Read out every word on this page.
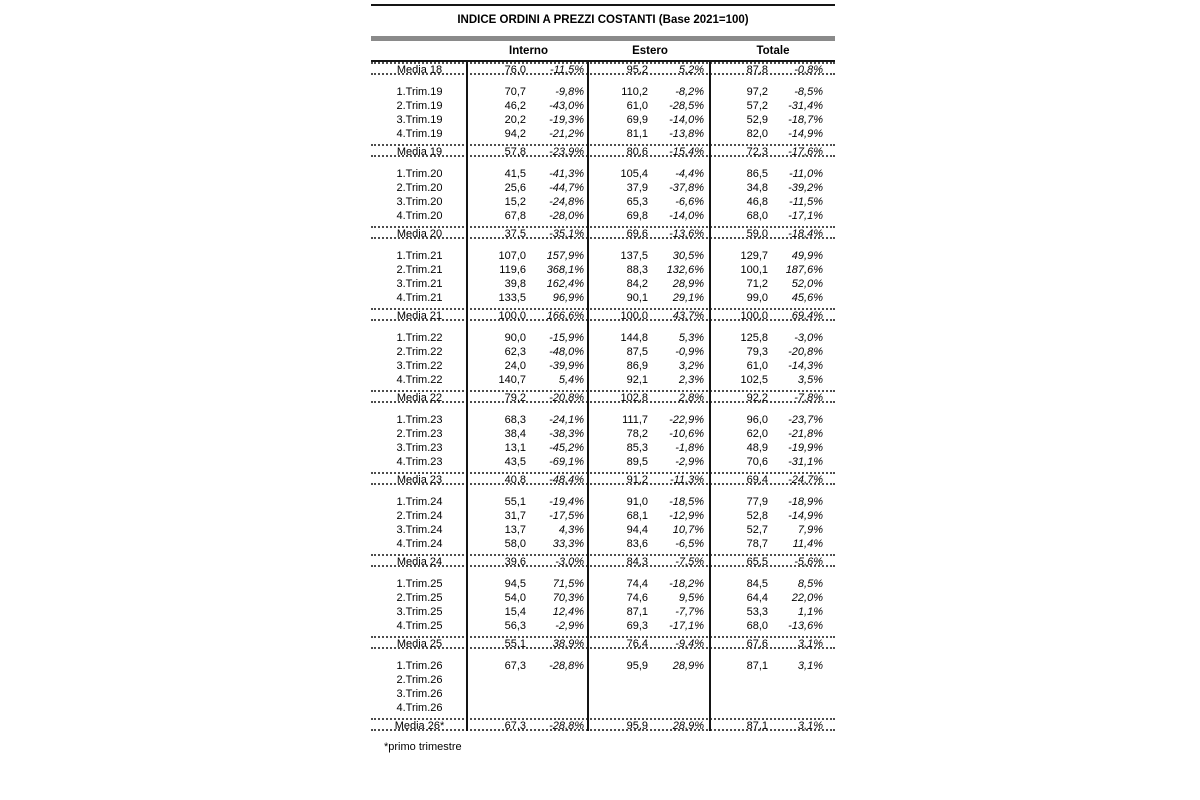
INDICE ORDINI A PREZZI COSTANTI (Base 2021=100)
Interno	Estero	Totale
Media 18	76,0	-11,5%	95,2	5,2%	87,8	-0,8%
1.Trim.19	70,7	-9,8%	110,2	-8,2%	97,2	-8,5%
2.Trim.19	46,2	-43,0%	61,0	-28,5%	57,2	-31,4%
3.Trim.19	20,2	-19,3%	69,9	-14,0%	52,9	-18,7%
4.Trim.19	94,2	-21,2%	81,1	-13,8%	82,0	-14,9%
Media 19	57,8	-23,9%	80,6	-15,4%	72,3	-17,6%
1.Trim.20	41,5	-41,3%	105,4	-4,4%	86,5	-11,0%
2.Trim.20	25,6	-44,7%	37,9	-37,8%	34,8	-39,2%
3.Trim.20	15,2	-24,8%	65,3	-6,6%	46,8	-11,5%
4.Trim.20	67,8	-28,0%	69,8	-14,0%	68,0	-17,1%
Media 20	37,5	-35,1%	69,6	-13,6%	59,0	-18,4%
1.Trim.21	107,0	157,9%	137,5	30,5%	129,7	49,9%
2.Trim.21	119,6	368,1%	88,3	132,6%	100,1	187,6%
3.Trim.21	39,8	162,4%	84,2	28,9%	71,2	52,0%
4.Trim.21	133,5	96,9%	90,1	29,1%	99,0	45,6%
Media 21	100,0	166,6%	100,0	43,7%	100,0	69,4%
1.Trim.22	90,0	-15,9%	144,8	5,3%	125,8	-3,0%
2.Trim.22	62,3	-48,0%	87,5	-0,9%	79,3	-20,8%
3.Trim.22	24,0	-39,9%	86,9	3,2%	61,0	-14,3%
4.Trim.22	140,7	5,4%	92,1	2,3%	102,5	3,5%
Media 22	79,2	-20,8%	102,8	2,8%	92,2	-7,8%
1.Trim.23	68,3	-24,1%	111,7	-22,9%	96,0	-23,7%
2.Trim.23	38,4	-38,3%	78,2	-10,6%	62,0	-21,8%
3.Trim.23	13,1	-45,2%	85,3	-1,8%	48,9	-19,9%
4.Trim.23	43,5	-69,1%	89,5	-2,9%	70,6	-31,1%
Media 23	40,8	-48,4%	91,2	-11,3%	69,4	-24,7%
1.Trim.24	55,1	-19,4%	91,0	-18,5%	77,9	-18,9%
2.Trim.24	31,7	-17,5%	68,1	-12,9%	52,8	-14,9%
3.Trim.24	13,7	4,3%	94,4	10,7%	52,7	7,9%
4.Trim.24	58,0	33,3%	83,6	-6,5%	78,7	11,4%
Media 24	39,6	-3,0%	84,3	-7,5%	65,5	-5,6%
1.Trim.25	94,5	71,5%	74,4	-18,2%	84,5	8,5%
2.Trim.25	54,0	70,3%	74,6	9,5%	64,4	22,0%
3.Trim.25	15,4	12,4%	87,1	-7,7%	53,3	1,1%
4.Trim.25	56,3	-2,9%	69,3	-17,1%	68,0	-13,6%
Media 25	55,1	38,9%	76,4	-9,4%	67,6	3,1%
1.Trim.26	67,3	-28,8%	95,9	28,9%	87,1	3,1%
2.Trim.26
3.Trim.26
4.Trim.26
Media 26*	67,3	-28,8%	95,9	28,9%	87,1	3,1%
*primo trimestre
